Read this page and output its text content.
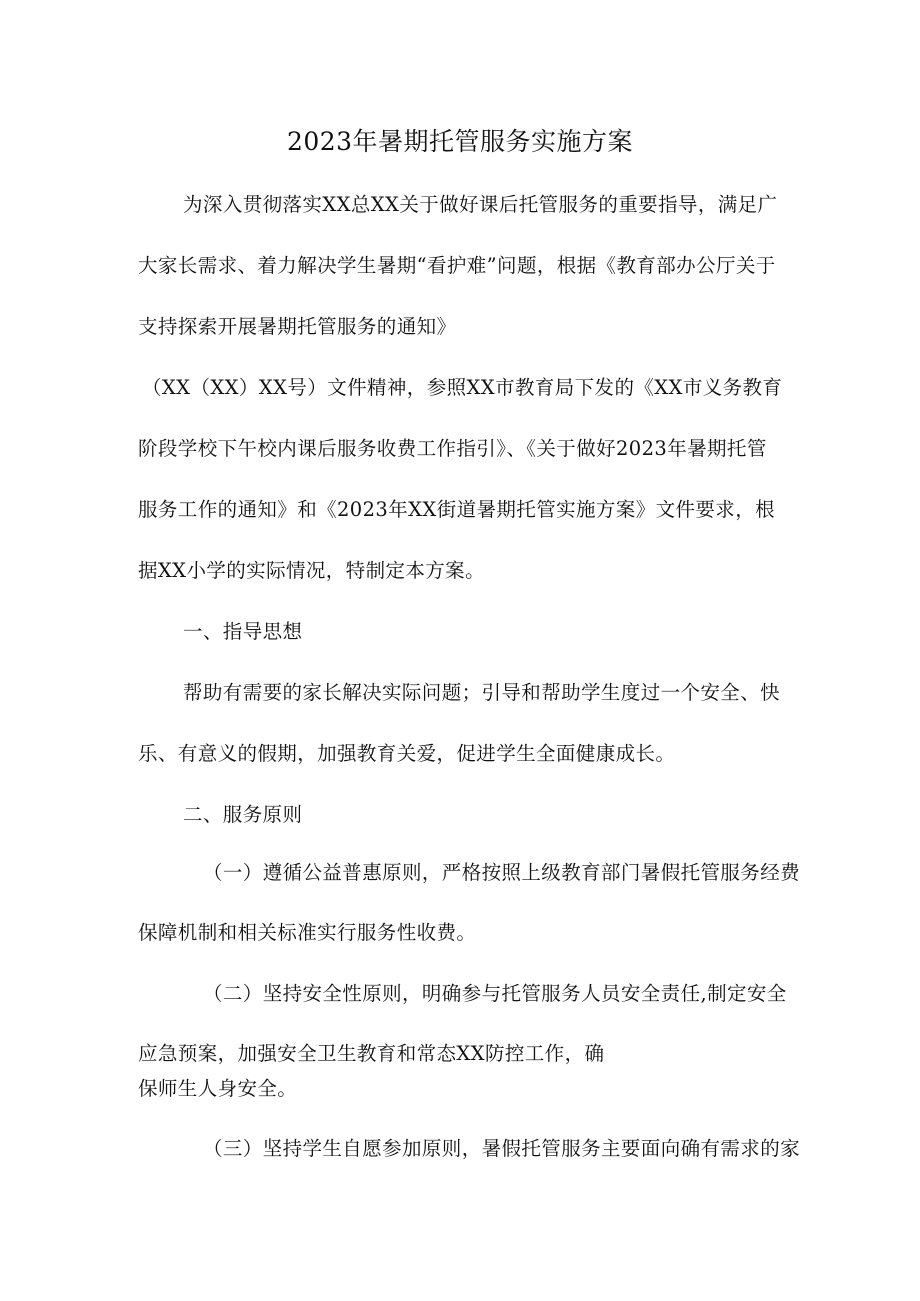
2023年暑期托管服务实施方案
为深入贯彻落实XX总XX关于做好课后托管服务的重要指导，满足广
大家长需求、着力解决学生暑期“看护难”问题，根据《教育部办公厅关于
支持探索开展暑期托管服务的通知》
（XX（XX）XX号）文件精神，参照XX市教育局下发的《XX市义务教育
阶段学校下午校内课后服务收费工作指引》、《关于做好2023年暑期托管
服务工作的通知》和《2023年XX街道暑期托管实施方案》文件要求，根
据XX小学的实际情况，特制定本方案。
一、指导思想
帮助有需要的家长解决实际问题；引导和帮助学生度过一个安全、快
乐、有意义的假期，加强教育关爱，促进学生全面健康成长。
二、服务原则
（一）遵循公益普惠原则，严格按照上级教育部门暑假托管服务经费
保障机制和相关标准实行服务性收费。
（二）坚持安全性原则，明确参与托管服务人员安全责任,制定安全
应急预案，加强安全卫生教育和常态XX防控工作，确
保师生人身安全。
（三）坚持学生自愿参加原则，暑假托管服务主要面向确有需求的家
